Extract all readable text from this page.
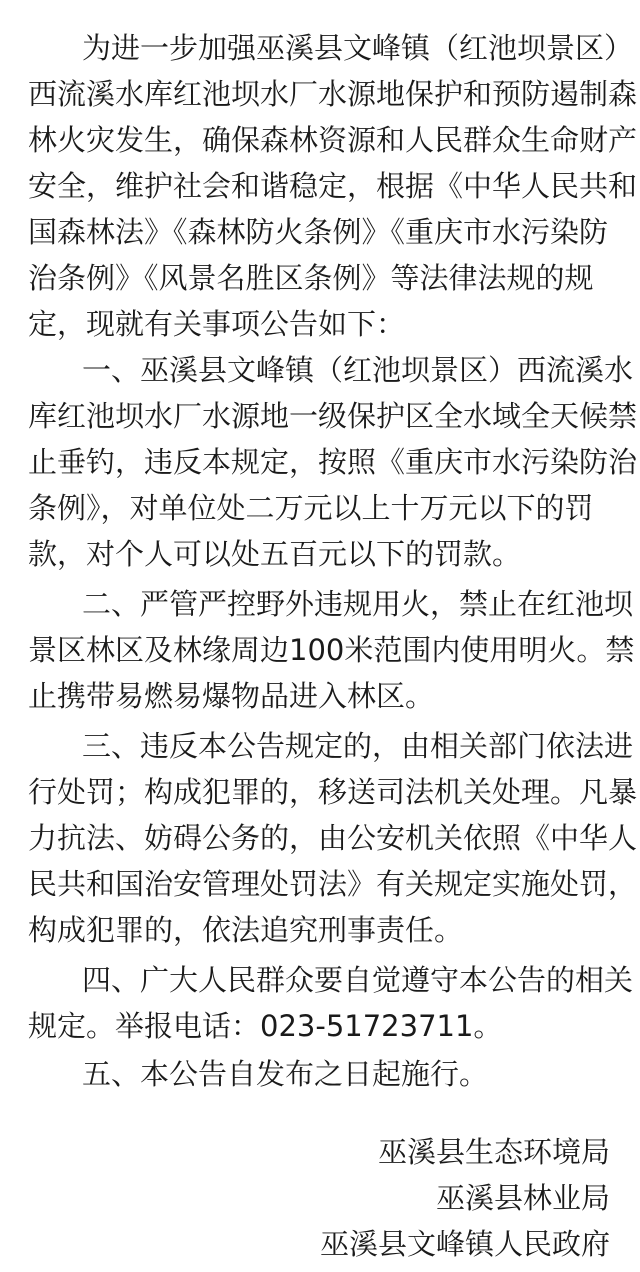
为进一步加强巫溪县文峰镇（红池坝景区）
西流溪水库红池坝水厂水源地保护和预防遏制森
林火灾发生，确保森林资源和人民群众生命财产
安全，维护社会和谐稳定，根据《中华人民共和
国森林法》《森林防火条例》《重庆市水污染防
治条例》《风景名胜区条例》等法律法规的规
定，现就有关事项公告如下：
一、巫溪县文峰镇（红池坝景区）西流溪水
库红池坝水厂水源地一级保护区全水域全天候禁
止垂钓，违反本规定，按照《重庆市水污染防治
条例》，对单位处二万元以上十万元以下的罚
款，对个人可以处五百元以下的罚款。
二、严管严控野外违规用火，禁止在红池坝
景区林区及林缘周边100米范围内使用明火。禁
止携带易燃易爆物品进入林区。
三、违反本公告规定的，由相关部门依法进
行处罚；构成犯罪的，移送司法机关处理。凡暴
力抗法、妨碍公务的，由公安机关依照《中华人
民共和国治安管理处罚法》有关规定实施处罚，
构成犯罪的，依法追究刑事责任。
四、广大人民群众要自觉遵守本公告的相关
规定。举报电话：023-51723711。
五、本公告自发布之日起施行。
巫溪县生态环境局
巫溪县林业局
巫溪县文峰镇人民政府
